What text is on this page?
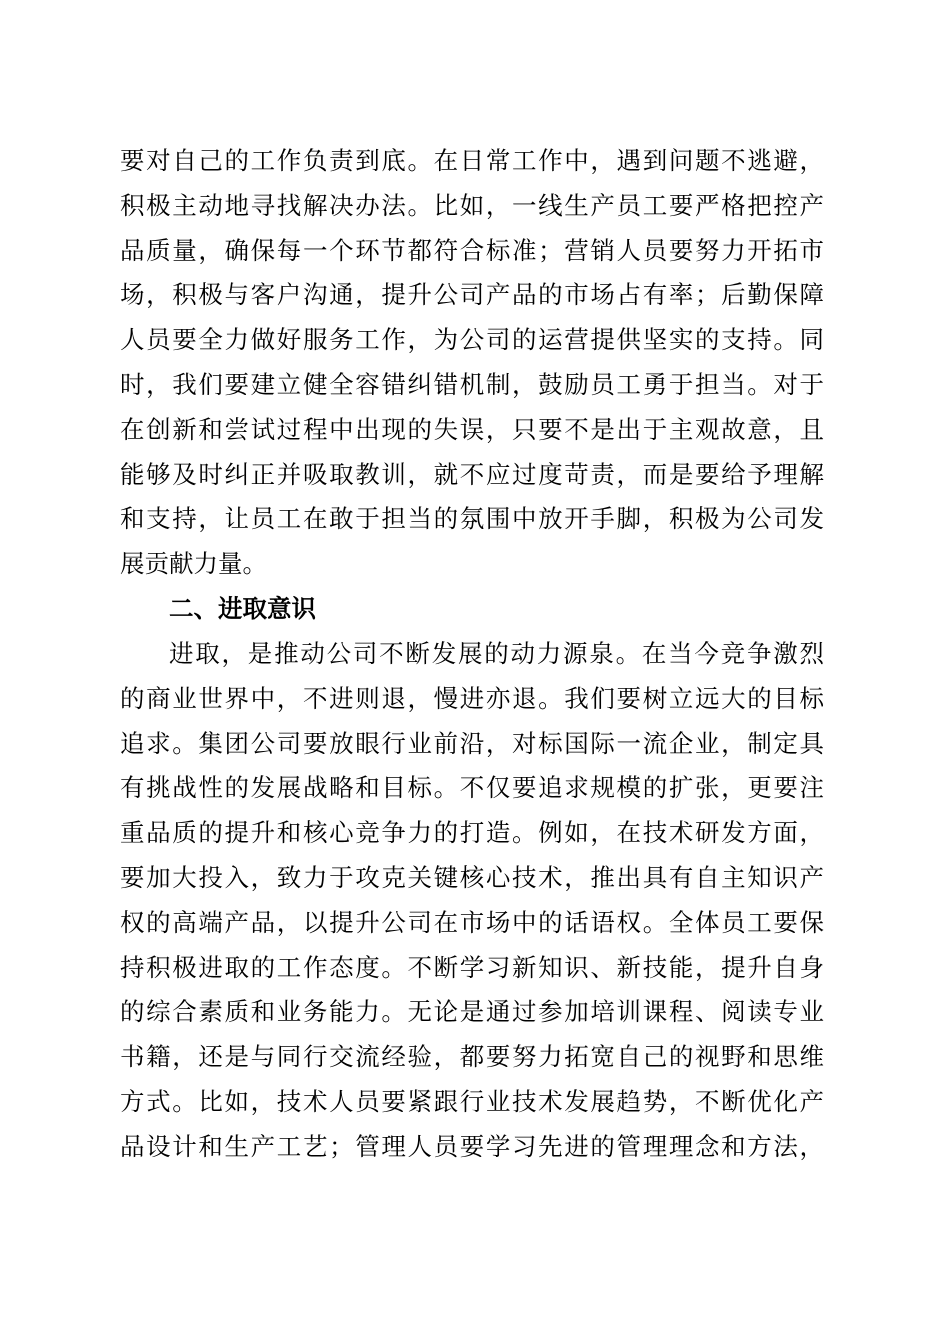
要对自己的工作负责到底。在日常工作中，遇到问题不逃避，
积极主动地寻找解决办法。比如，一线生产员工要严格把控产
品质量，确保每一个环节都符合标准；营销人员要努力开拓市
场，积极与客户沟通，提升公司产品的市场占有率；后勤保障
人员要全力做好服务工作，为公司的运营提供坚实的支持。同
时，我们要建立健全容错纠错机制，鼓励员工勇于担当。对于
在创新和尝试过程中出现的失误，只要不是出于主观故意，且
能够及时纠正并吸取教训，就不应过度苛责，而是要给予理解
和支持，让员工在敢于担当的氛围中放开手脚，积极为公司发
展贡献力量。
二、进取意识
进取，是推动公司不断发展的动力源泉。在当今竞争激烈
的商业世界中，不进则退，慢进亦退。我们要树立远大的目标
追求。集团公司要放眼行业前沿，对标国际一流企业，制定具
有挑战性的发展战略和目标。不仅要追求规模的扩张，更要注
重品质的提升和核心竞争力的打造。例如，在技术研发方面，
要加大投入，致力于攻克关键核心技术，推出具有自主知识产
权的高端产品，以提升公司在市场中的话语权。全体员工要保
持积极进取的工作态度。不断学习新知识、新技能，提升自身
的综合素质和业务能力。无论是通过参加培训课程、阅读专业
书籍，还是与同行交流经验，都要努力拓宽自己的视野和思维
方式。比如，技术人员要紧跟行业技术发展趋势，不断优化产
品设计和生产工艺；管理人员要学习先进的管理理念和方法，
